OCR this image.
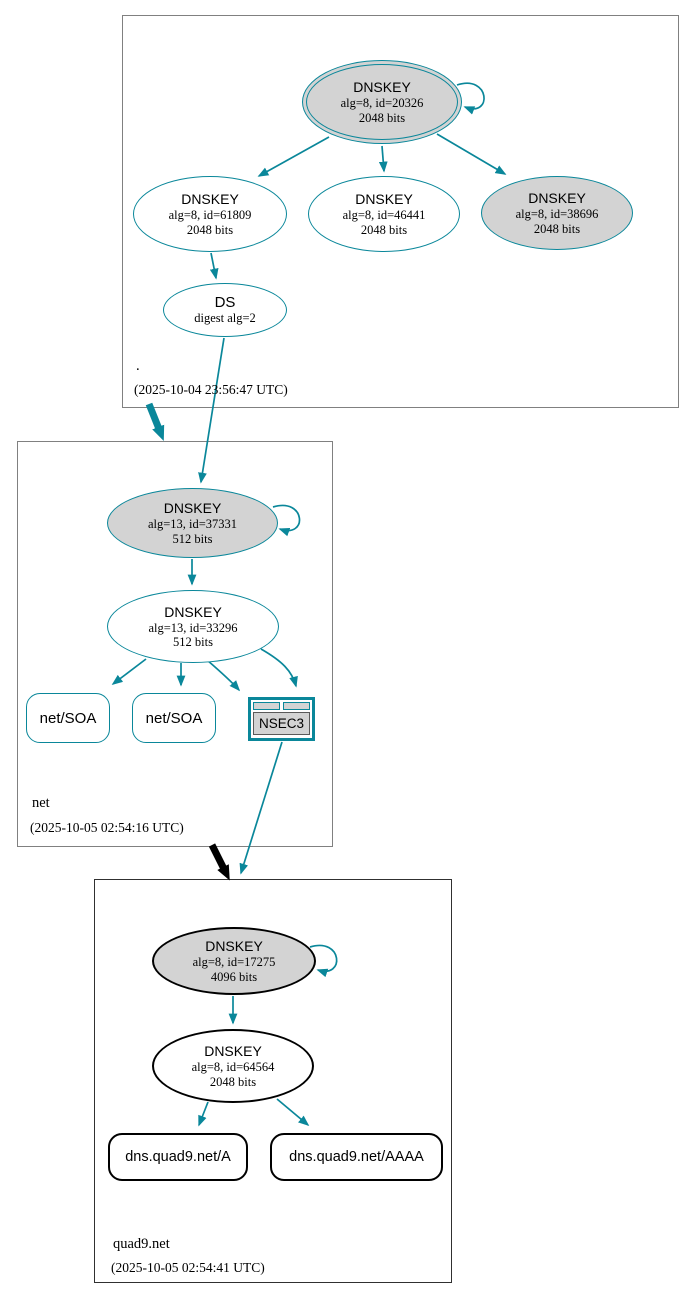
DNSKEY
alg=8, id=20326
2048 bits
DNSKEY
alg=8, id=61809
2048 bits
DNSKEY
alg=8, id=46441
2048 bits
DNSKEY
alg=8, id=38696
2048 bits
DS
digest alg=2
.
(2025-10-04 23:56:47 UTC)
DNSKEY
alg=13, id=37331
512 bits
DNSKEY
alg=13, id=33296
512 bits
net/SOA	net/SOA	NSEC3
net
(2025-10-05 02:54:16 UTC)
DNSKEY
alg=8, id=17275
4096 bits
DNSKEY
alg=8, id=64564
2048 bits
dns.quad9.net/A	dns.quad9.net/AAAA
quad9.net
(2025-10-05 02:54:41 UTC)
